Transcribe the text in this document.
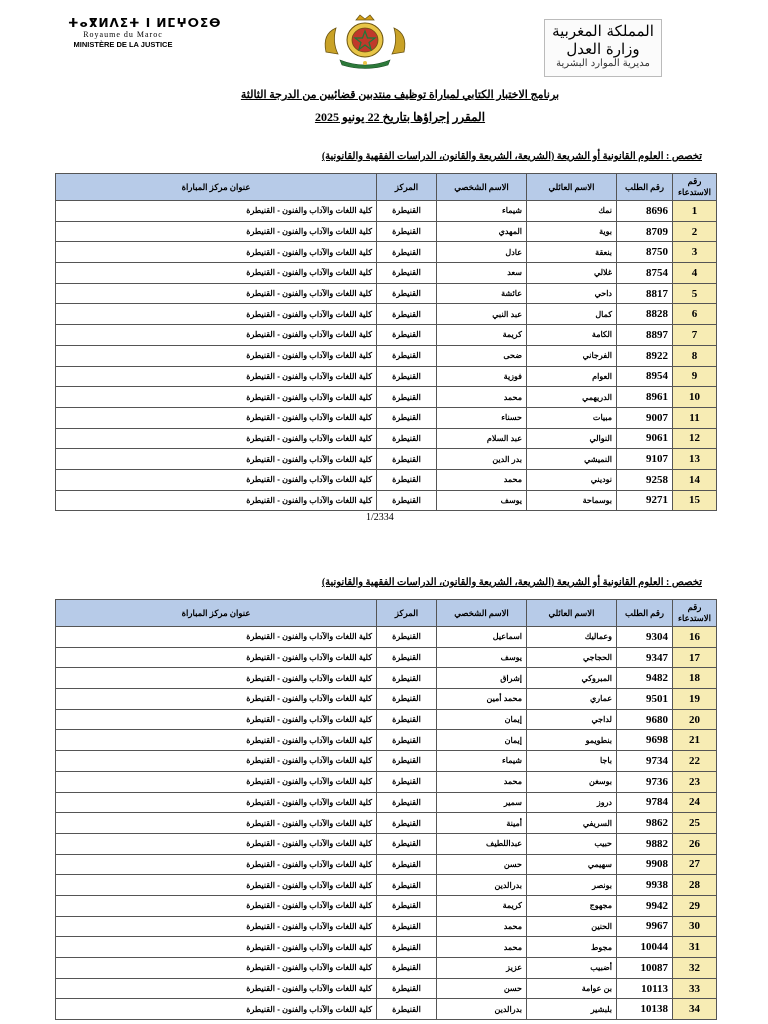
ⵜⴰⴳⵍⴷⵉⵜ ⵏ ⵍⵎⵖⵔⵉⴱ
Royaume du Maroc
MINISTÈRE DE LA JUSTICE
المملكة المغربية
وزارة العدل
مديرية الموارد البشرية
برنامج الاختبار الكتابي لمباراة توظيف منتدبين قضائيين من الدرجة الثالثة
المقرر إجراؤها بتاريخ 22 يونيو 2025
تخصص : العلوم القانونية أو الشريعة (الشريعة، الشريعة والقانون، الدراسات الفقهية والقانونية)
رقم الاستدعاء	رقم الطلب	الاسم العائلي	الاسم الشخصي	المركز	عنوان مركز المباراة
1	8696	نمك	شيماء	القنيطرة	كلية اللغات والآداب والفنون - القنيطرة
2	8709	بوية	المهدي	القنيطرة	كلية اللغات والآداب والفنون - القنيطرة
3	8750	بنعقة	عادل	القنيطرة	كلية اللغات والآداب والفنون - القنيطرة
4	8754	غلالي	سعد	القنيطرة	كلية اللغات والآداب والفنون - القنيطرة
5	8817	داحي	عائشة	القنيطرة	كلية اللغات والآداب والفنون - القنيطرة
6	8828	كمال	عبد النبي	القنيطرة	كلية اللغات والآداب والفنون - القنيطرة
7	8897	الكامة	كريمة	القنيطرة	كلية اللغات والآداب والفنون - القنيطرة
8	8922	الفرجاني	ضحى	القنيطرة	كلية اللغات والآداب والفنون - القنيطرة
9	8954	العوام	فوزية	القنيطرة	كلية اللغات والآداب والفنون - القنيطرة
10	8961	الدريهمي	محمد	القنيطرة	كلية اللغات والآداب والفنون - القنيطرة
11	9007	مبيات	حسناء	القنيطرة	كلية اللغات والآداب والفنون - القنيطرة
12	9061	النوالي	عبد السلام	القنيطرة	كلية اللغات والآداب والفنون - القنيطرة
13	9107	النميشي	بدر الدين	القنيطرة	كلية اللغات والآداب والفنون - القنيطرة
14	9258	نوديني	محمد	القنيطرة	كلية اللغات والآداب والفنون - القنيطرة
15	9271	بوسماحة	يوسف	القنيطرة	كلية اللغات والآداب والفنون - القنيطرة
1/2334
تخصص : العلوم القانونية أو الشريعة (الشريعة، الشريعة والقانون، الدراسات الفقهية والقانونية)
رقم الاستدعاء	رقم الطلب	الاسم العائلي	الاسم الشخصي	المركز	عنوان مركز المباراة
16	9304	وعماليك	اسماعيل	القنيطرة	كلية اللغات والآداب والفنون - القنيطرة
17	9347	الحجاجي	يوسف	القنيطرة	كلية اللغات والآداب والفنون - القنيطرة
18	9482	المبروكي	إشراق	القنيطرة	كلية اللغات والآداب والفنون - القنيطرة
19	9501	عماري	محمد أمين	القنيطرة	كلية اللغات والآداب والفنون - القنيطرة
20	9680	لداجي	إيمان	القنيطرة	كلية اللغات والآداب والفنون - القنيطرة
21	9698	بنطويمو	إيمان	القنيطرة	كلية اللغات والآداب والفنون - القنيطرة
22	9734	باجا	شيماء	القنيطرة	كلية اللغات والآداب والفنون - القنيطرة
23	9736	بوسغن	محمد	القنيطرة	كلية اللغات والآداب والفنون - القنيطرة
24	9784	دروز	سمير	القنيطرة	كلية اللغات والآداب والفنون - القنيطرة
25	9862	السريفي	أمينة	القنيطرة	كلية اللغات والآداب والفنون - القنيطرة
26	9882	حبيب	عبداللطيف	القنيطرة	كلية اللغات والآداب والفنون - القنيطرة
27	9908	سهيمي	حسن	القنيطرة	كلية اللغات والآداب والفنون - القنيطرة
28	9938	بونصر	بدرالدين	القنيطرة	كلية اللغات والآداب والفنون - القنيطرة
29	9942	مجهوج	كريمة	القنيطرة	كلية اللغات والآداب والفنون - القنيطرة
30	9967	الحنين	محمد	القنيطرة	كلية اللغات والآداب والفنون - القنيطرة
31	10044	مجوط	محمد	القنيطرة	كلية اللغات والآداب والفنون - القنيطرة
32	10087	أضبيب	عزيز	القنيطرة	كلية اللغات والآداب والفنون - القنيطرة
33	10113	بن عوامة	حسن	القنيطرة	كلية اللغات والآداب والفنون - القنيطرة
34	10138	بلبشير	بدرالدين	القنيطرة	كلية اللغات والآداب والفنون - القنيطرة
